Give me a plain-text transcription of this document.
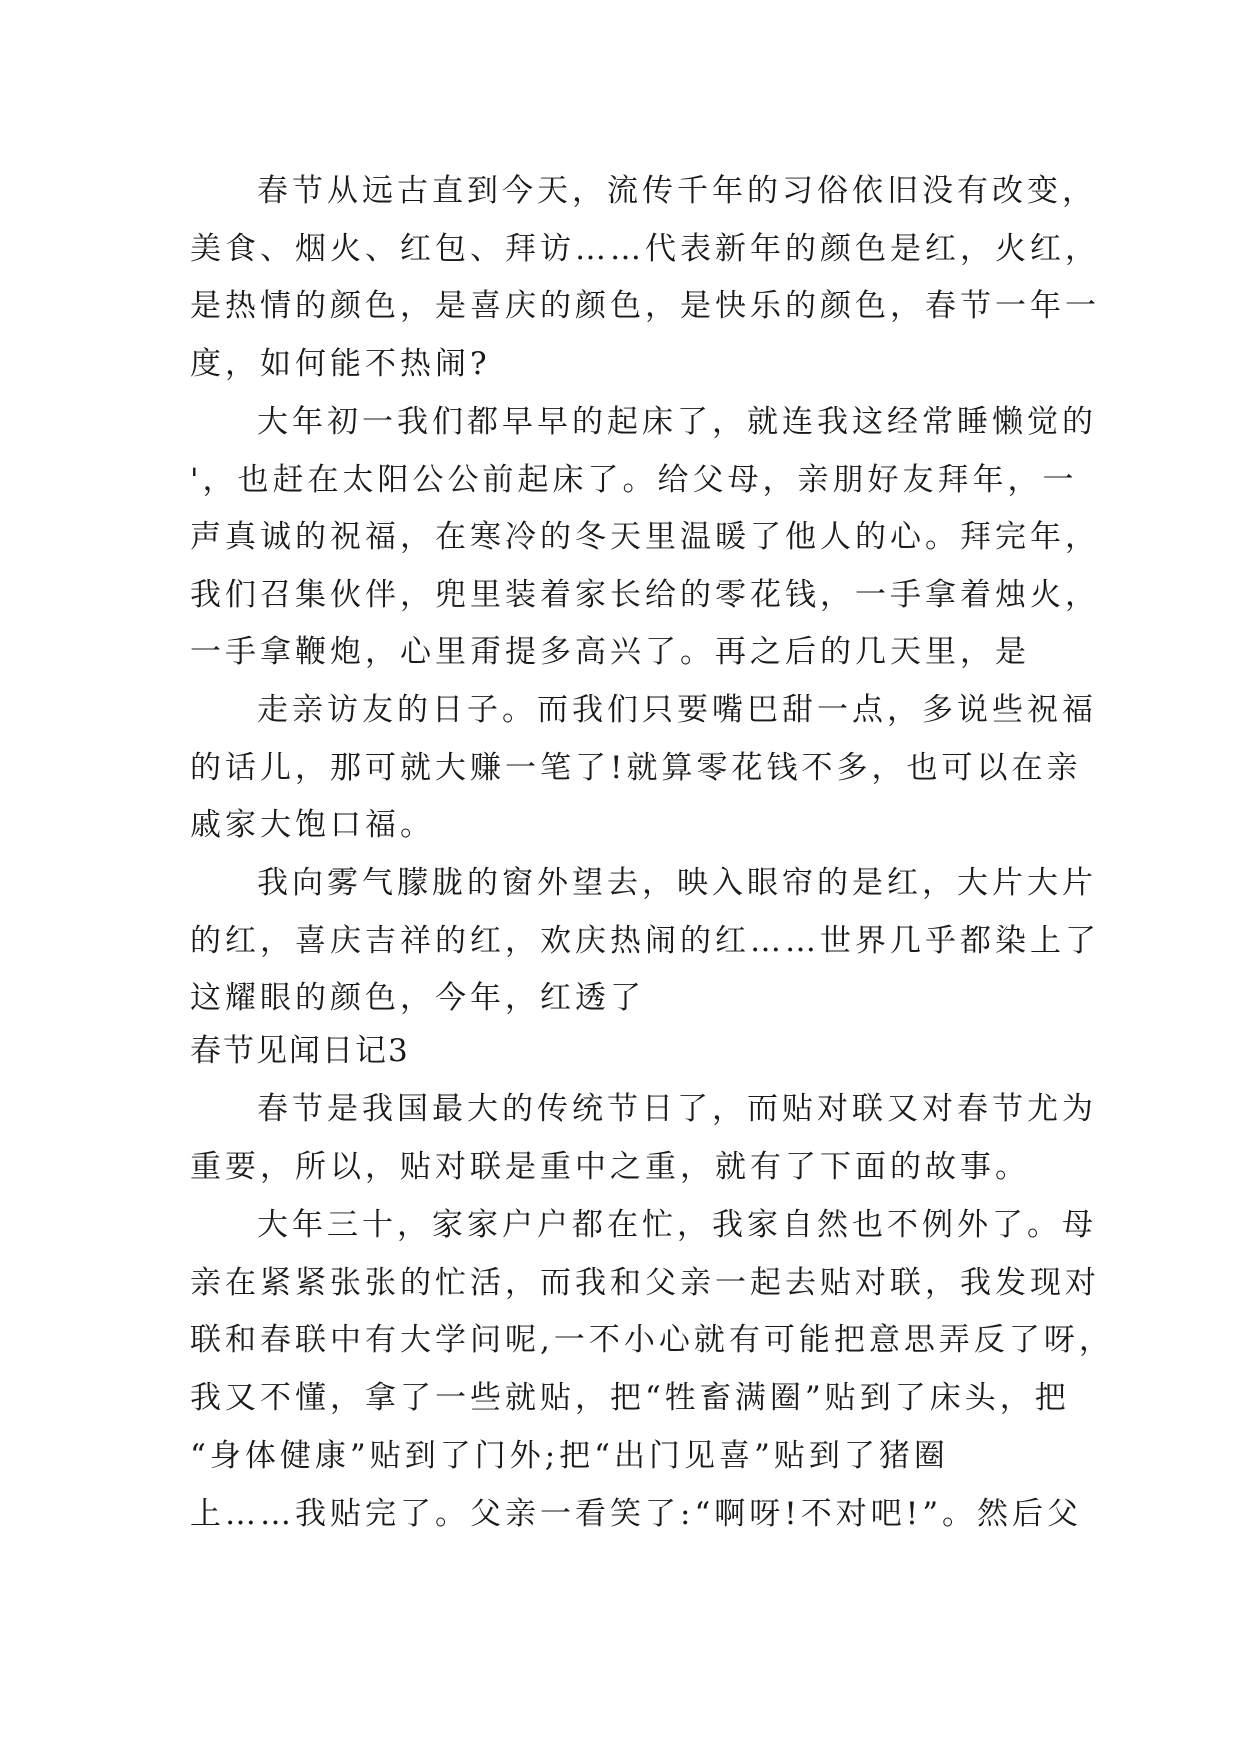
春节从远古直到今天，流传千年的习俗依旧没有改变，

美食、烟火、红包、拜访……代表新年的颜色是红，火红，

是热情的颜色，是喜庆的颜色，是快乐的颜色，春节一年一

度，如何能不热闹?

大年初一我们都早早的起床了，就连我这经常睡懒觉的

'，也赶在太阳公公前起床了。给父母，亲朋好友拜年，一

声真诚的祝福，在寒冷的冬天里温暖了他人的心。拜完年，

我们召集伙伴，兜里装着家长给的零花钱，一手拿着烛火，

一手拿鞭炮，心里甭提多高兴了。再之后的几天里，是

走亲访友的日子。而我们只要嘴巴甜一点，多说些祝福

的话儿，那可就大赚一笔了!就算零花钱不多，也可以在亲

戚家大饱口福。

我向雾气朦胧的窗外望去，映入眼帘的是红，大片大片

的红，喜庆吉祥的红，欢庆热闹的红……世界几乎都染上了

这耀眼的颜色，今年，红透了

春节见闻日记3

春节是我国最大的传统节日了，而贴对联又对春节尤为

重要，所以，贴对联是重中之重，就有了下面的故事。

大年三十，家家户户都在忙，我家自然也不例外了。母

亲在紧紧张张的忙活，而我和父亲一起去贴对联，我发现对

联和春联中有大学问呢,一不小心就有可能把意思弄反了呀，

我又不懂，拿了一些就贴，把“牲畜满圈”贴到了床头，把

“身体健康”贴到了门外;把“出门见喜”贴到了猪圈

上……我贴完了。父亲一看笑了:“啊呀!不对吧!”。然后父
